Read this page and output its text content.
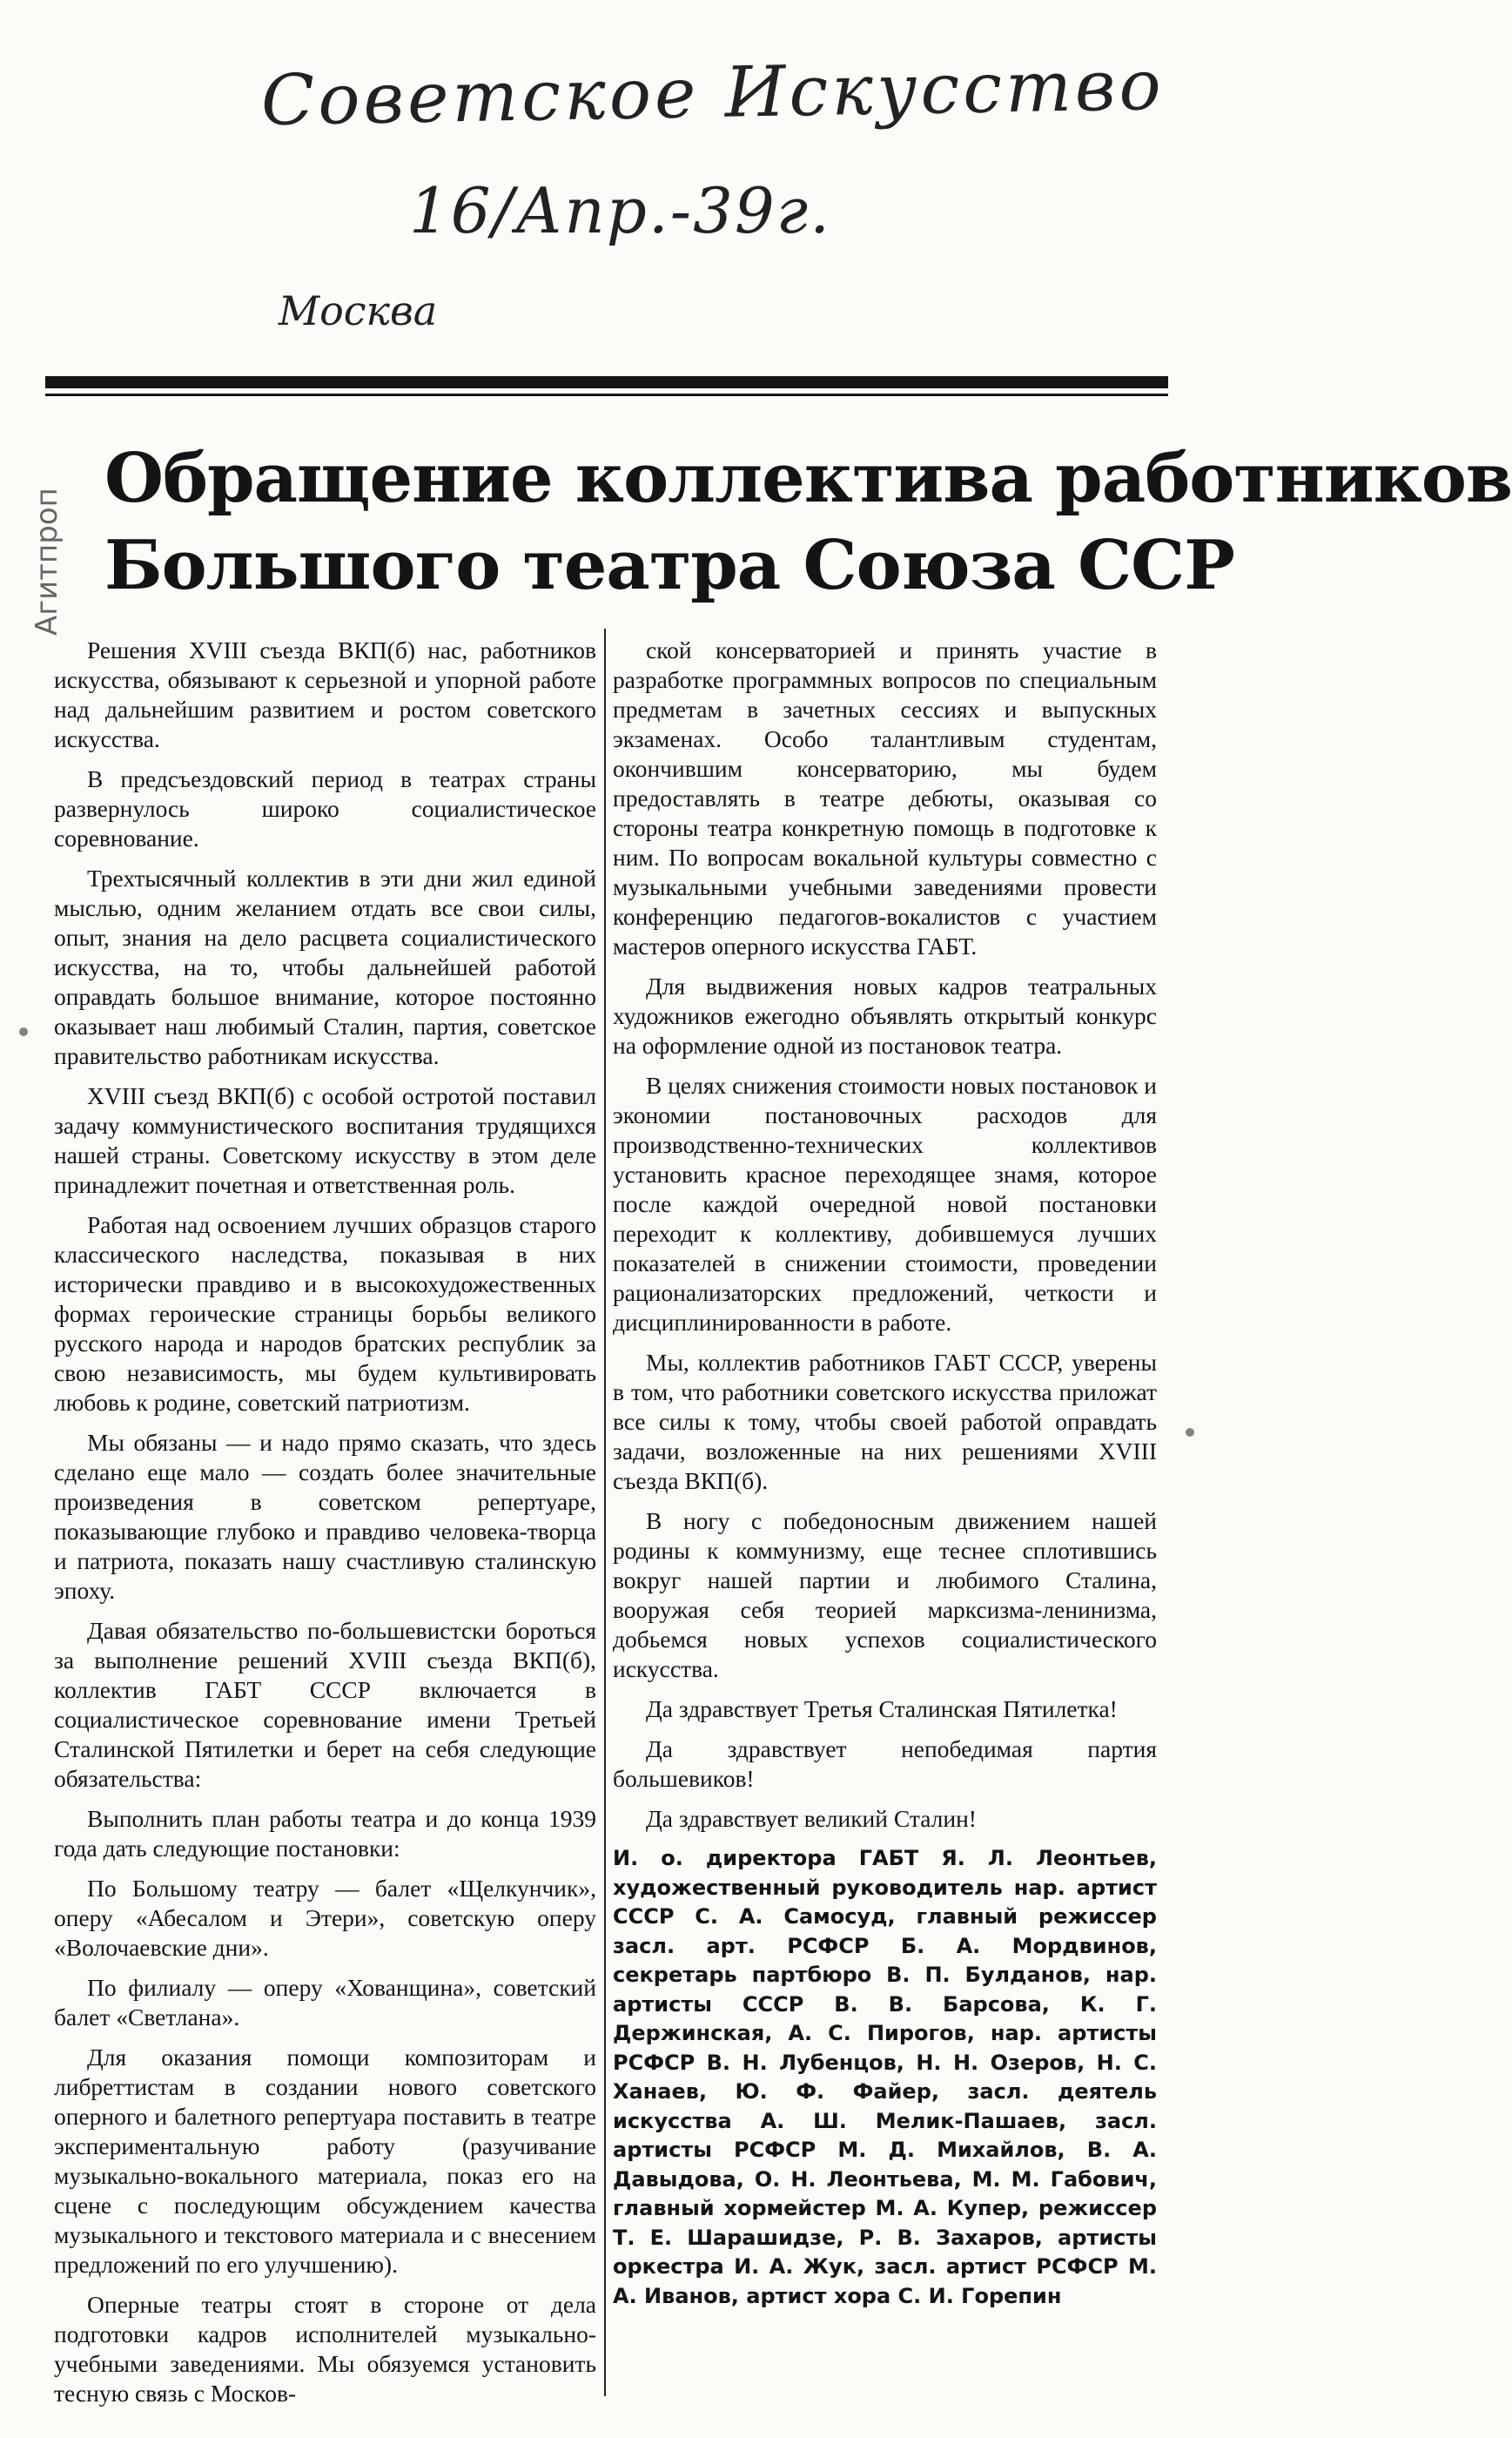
Советское Искусство
16/Апр.-39г.
Москва
Агитпроп
Обращение коллектива работников
Большого театра Союза ССР

Решения XVIII съезда ВКП(б) нас, работников искусства, обязывают к серьезной и упорной работе над дальнейшим развитием и ростом советского искусства.

В предсъездовский период в театрах страны развернулось широко социалистическое соревнование.

Трехтысячный коллектив в эти дни жил единой мыслью, одним желанием отдать все свои силы, опыт, знания на дело расцвета социалистического искусства, на то, чтобы дальнейшей работой оправдать большое внимание, которое постоянно оказывает наш любимый Сталин, партия, советское правительство работникам искусства.

XVIII съезд ВКП(б) с особой остротой поставил задачу коммунистического воспитания трудящихся нашей страны. Советскому искусству в этом деле принадлежит почетная и ответственная роль.

Работая над освоением лучших образцов старого классического наследства, показывая в них исторически правдиво и в высокохудожественных формах героические страницы борьбы великого русского народа и народов братских республик за свою независимость, мы будем культивировать любовь к родине, советский патриотизм.

Мы обязаны — и надо прямо сказать, что здесь сделано еще мало — создать более значительные произведения в советском репертуаре, показывающие глубоко и правдиво человека-творца и патриота, показать нашу счастливую сталинскую эпоху.

Давая обязательство по-большевистски бороться за выполнение решений XVIII съезда ВКП(б), коллектив ГАБТ СССР включается в социалистическое соревнование имени Третьей Сталинской Пятилетки и берет на себя следующие обязательства:

Выполнить план работы театра и до конца 1939 года дать следующие постановки:

По Большому театру — балет «Щелкунчик», оперу «Абесалом и Этери», советскую оперу «Волочаевские дни».

По филиалу — оперу «Хованщина», советский балет «Светлана».

Для оказания помощи композиторам и либреттистам в создании нового советского оперного и балетного репертуара поставить в театре экспериментальную работу (разучивание музыкально-вокального материала, показ его на сцене с последующим обсуждением качества музыкального и текстового материала и с внесением предложений по его улучшению).

Оперные театры стоят в стороне от дела подготовки кадров исполнителей музыкально-учебными заведениями. Мы обязуемся установить тесную связь с Москов-

ской консерваторией и принять участие в разработке программных вопросов по специальным предметам в зачетных сессиях и выпускных экзаменах. Особо талантливым студентам, окончившим консерваторию, мы будем предоставлять в театре дебюты, оказывая со стороны театра конкретную помощь в подготовке к ним. По вопросам вокальной культуры совместно с музыкальными учебными заведениями провести конференцию педагогов-вокалистов с участием мастеров оперного искусства ГАБТ.

Для выдвижения новых кадров театральных художников ежегодно объявлять открытый конкурс на оформление одной из постановок театра.

В целях снижения стоимости новых постановок и экономии постановочных расходов для производственно-технических коллективов установить красное переходящее знамя, которое после каждой очередной новой постановки переходит к коллективу, добившемуся лучших показателей в снижении стоимости, проведении рационализаторских предложений, четкости и дисциплинированности в работе.

Мы, коллектив работников ГАБТ СССР, уверены в том, что работники советского искусства приложат все силы к тому, чтобы своей работой оправдать задачи, возложенные на них решениями XVIII съезда ВКП(б).

В ногу с победоносным движением нашей родины к коммунизму, еще теснее сплотившись вокруг нашей партии и любимого Сталина, вооружая себя теорией марксизма-ленинизма, добьемся новых успехов социалистического искусства.

Да здравствует Третья Сталинская Пятилетка!

Да здравствует непобедимая партия большевиков!

Да здравствует великий Сталин!

И. о. директора ГАБТ Я. Л. Леонтьев, художественный руководитель нар. артист СССР С. А. Самосуд, главный режиссер засл. арт. РСФСР Б. А. Мордвинов, секретарь партбюро В. П. Булданов, нар. артисты СССР В. В. Барсова, К. Г. Держинская, А. С. Пирогов, нар. артисты РСФСР В. Н. Лубенцов, Н. Н. Озеров, Н. С. Ханаев, Ю. Ф. Файер, засл. деятель искусства А. Ш. Мелик-Пашаев, засл. артисты РСФСР М. Д. Михайлов, В. А. Давыдова, О. Н. Леонтьева, М. М. Габович, главный хормейстер М. А. Купер, режиссер Т. Е. Шарашидзе, Р. В. Захаров, артисты оркестра И. А. Жук, засл. артист РСФСР М. А. Иванов, артист хора С. И. Горепин
